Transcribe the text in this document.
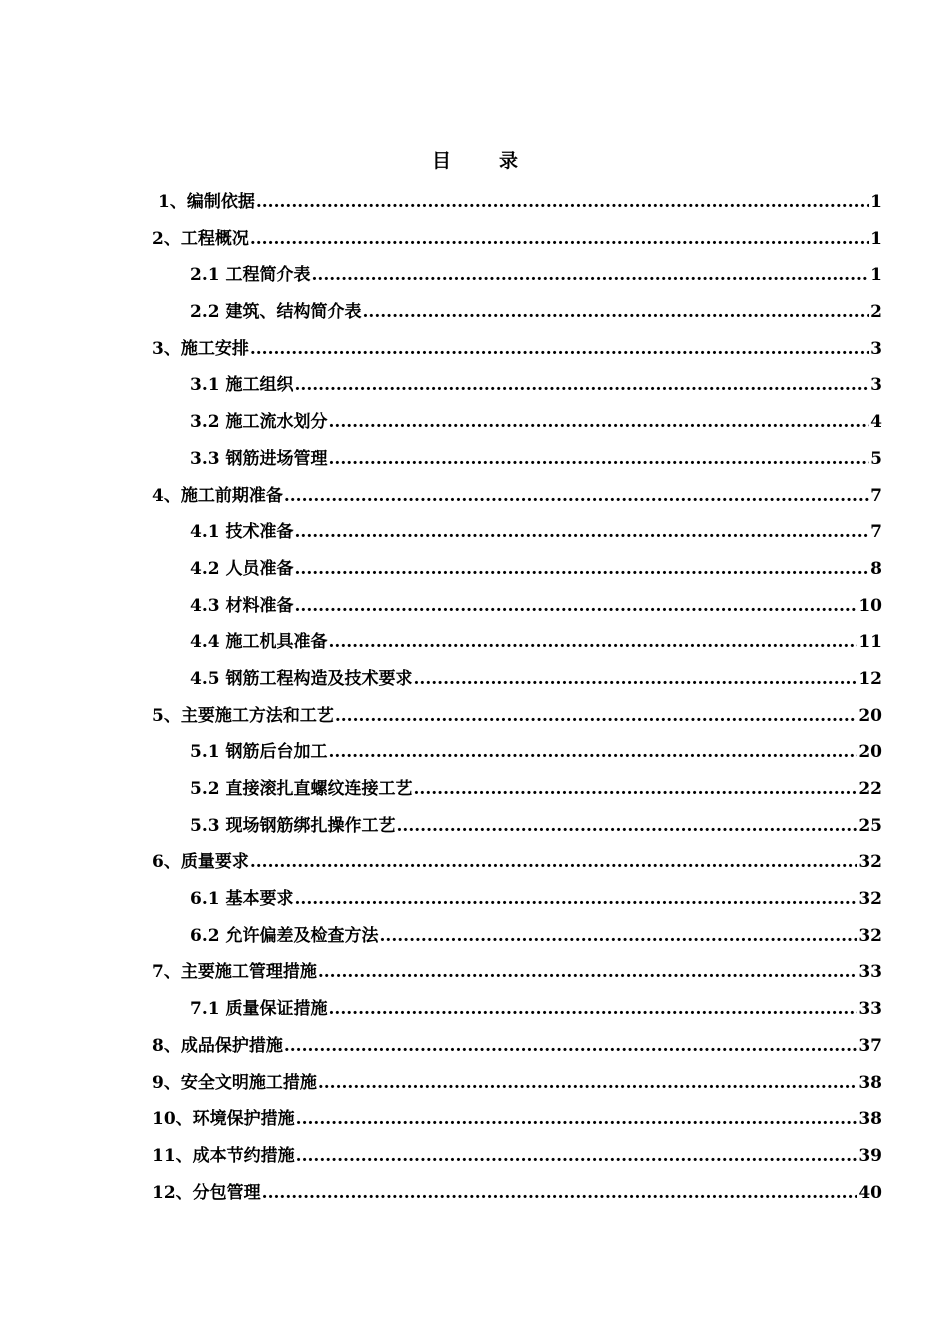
目	录
1、编制依据 .....	1
2、工程概况 .....	1
2.1 工程简介表 .....	1
2.2 建筑、结构简介表 .....	2
3、施工安排 .....	3
3.1 施工组织 .....	3
3.2 施工流水划分 .....	4
3.3 钢筋进场管理 .....	5
4、施工前期准备 .....	7
4.1 技术准备 .....	7
4.2 人员准备 .....	8
4.3 材料准备 .....	10
4.4 施工机具准备 .....	11
4.5 钢筋工程构造及技术要求 .....	12
5、主要施工方法和工艺 .....	20
5.1 钢筋后台加工 .....	20
5.2 直接滚扎直螺纹连接工艺 .....	22
5.3 现场钢筋绑扎操作工艺 .....	25
6、质量要求 .....	32
6.1 基本要求 .....	32
6.2 允许偏差及检查方法 .....	32
7、主要施工管理措施 .....	33
7.1 质量保证措施 .....	33
8、成品保护措施 .....	37
9、安全文明施工措施 .....	38
10、环境保护措施 .....	38
11、成本节约措施 .....	39
12、分包管理 .....	40
